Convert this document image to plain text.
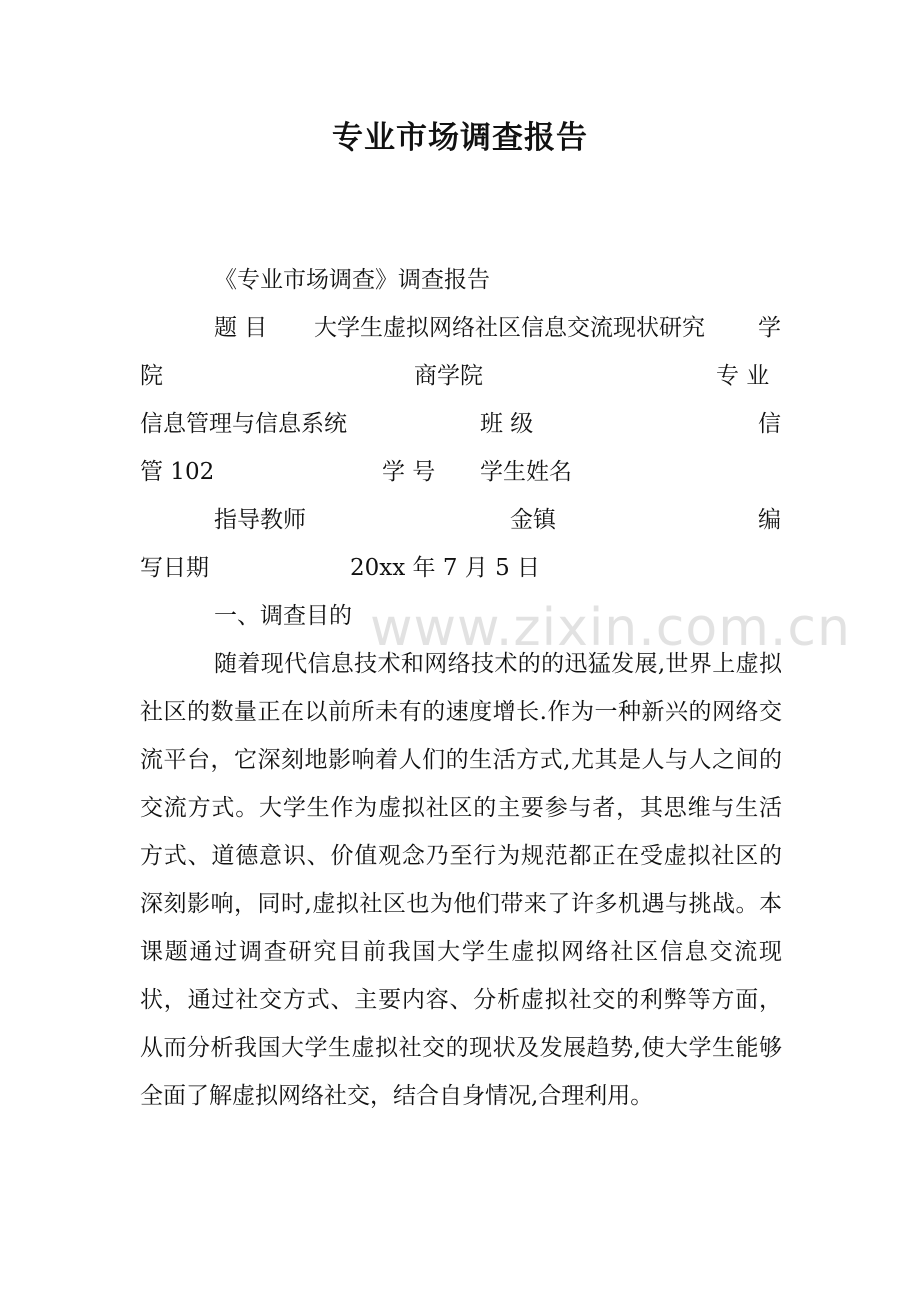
专业市场调查报告
《专业市场调查》调查报告
题 目 大学生虚拟网络社区信息交流现状研究 学
院	商学院	专 业
信息管理与信息系统	班 级	信
管 102	学 号 学生姓名
指导教师	金镇	编
写日期	20xx 年 7 月 5 日
一、调查目的

随着现代信息技术和网络技术的的迅猛发展,世界上虚拟社区的数量正在以前所未有的速度增长.作为一种新兴的网络交流平台，它深刻地影响着人们的生活方式,尤其是人与人之间的交流方式。大学生作为虚拟社区的主要参与者，其思维与生活方式、道德意识、价值观念乃至行为规范都正在受虚拟社区的深刻影响，同时,虚拟社区也为他们带来了许多机遇与挑战。本课题通过调查研究目前我国大学生虚拟网络社区信息交流现状，通过社交方式、主要内容、分析虚拟社交的利弊等方面，从而分析我国大学生虚拟社交的现状及发展趋势,使大学生能够全面了解虚拟网络社交，结合自身情况,合理利用。

www.zixin.com.cn
